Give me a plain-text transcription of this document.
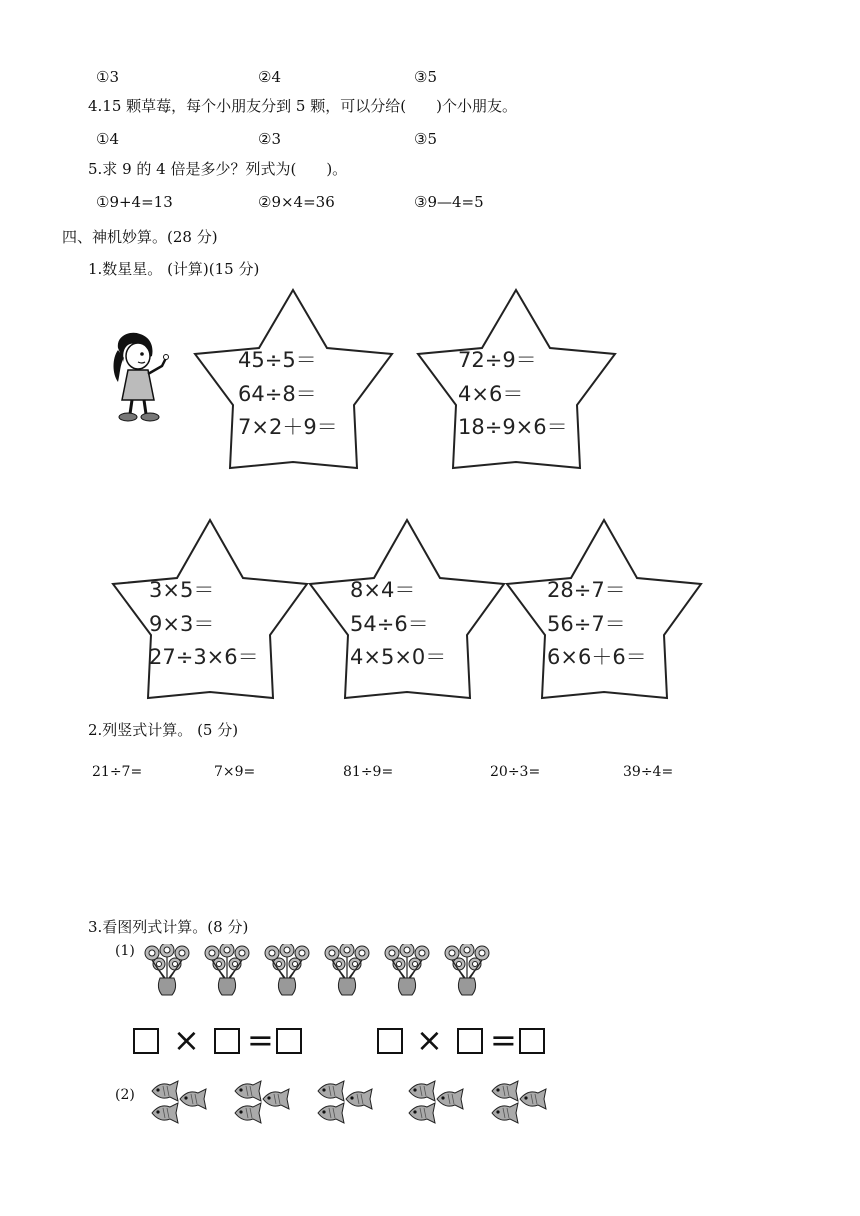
①3	②4	③5
4.15 颗草莓，每个小朋友分到 5 颗，可以分给(　　)个小朋友。
①4	②3	③5
5.求 9 的 4 倍是多少？列式为(　　)。
①9+4=13	②9×4=36	③9—4=5
四、神机妙算。(28 分)
1.数星星。 (计算)(15 分)
45÷5＝
64÷8＝
7×2＋9＝
72÷9＝
4×6＝
18÷9×6＝
3×5＝
9×3＝
27÷3×6＝
8×4＝
54÷6＝
4×5×0＝
28÷7＝
56÷7＝
6×6＋6＝
2.列竖式计算。 (5 分)
21÷7=	7×9=	81÷9=	20÷3=	39÷4=
3.看图列式计算。(8 分)
(1)
× =	× =
(2)
